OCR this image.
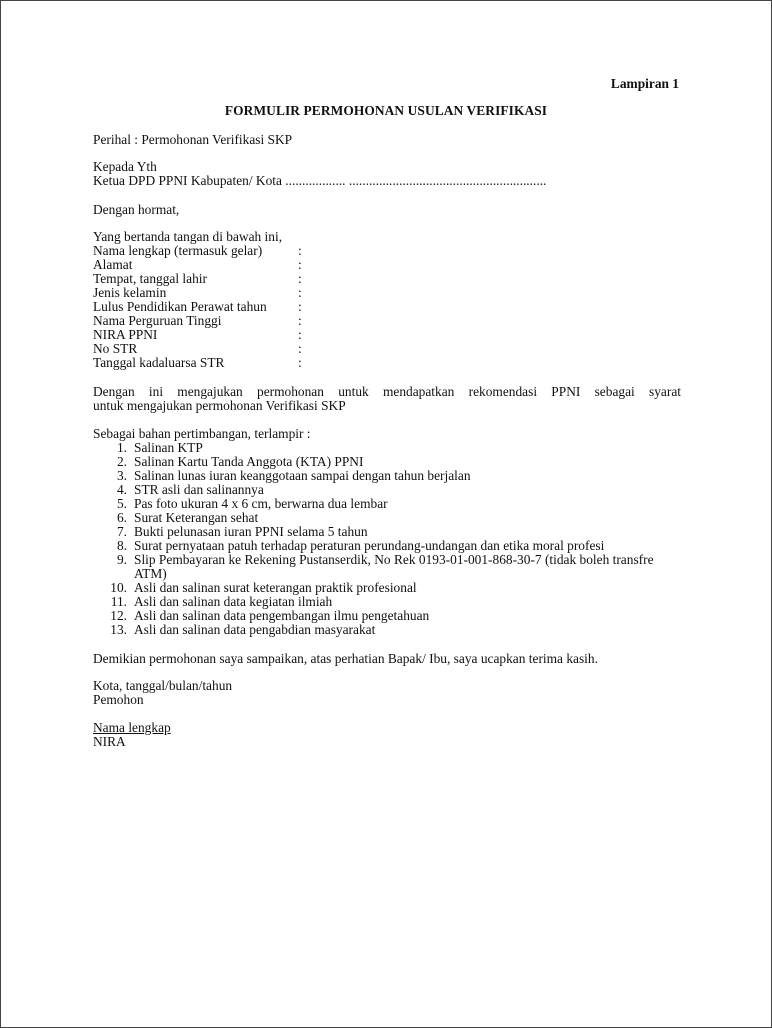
Lampiran 1
FORMULIR PERMOHONAN USULAN VERIFIKASI
Perihal : Permohonan Verifikasi SKP
Kepada Yth
Ketua DPD PPNI Kabupaten/ Kota .................. ...........................................................
Dengan hormat,
Yang bertanda tangan di bawah ini,
Nama lengkap (termasuk gelar)	:
Alamat	:
Tempat, tanggal lahir	:
Jenis kelamin	:
Lulus Pendidikan Perawat tahun	:
Nama Perguruan Tinggi	:
NIRA PPNI	:
No STR	:
Tanggal kadaluarsa STR	:
Dengan ini mengajukan permohonan untuk mendapatkan rekomendasi PPNI sebagai syarat
untuk mengajukan permohonan Verifikasi SKP
Sebagai bahan pertimbangan, terlampir :
1. Salinan KTP
2. Salinan Kartu Tanda Anggota (KTA) PPNI
3. Salinan lunas iuran keanggotaan sampai dengan tahun berjalan
4. STR asli dan salinannya
5. Pas foto ukuran 4 x 6 cm, berwarna dua lembar
6. Surat Keterangan sehat
7. Bukti pelunasan iuran PPNI selama 5 tahun
8. Surat pernyataan patuh terhadap peraturan perundang-undangan dan etika moral profesi
9. Slip Pembayaran ke Rekening Pustanserdik, No Rek 0193-01-001-868-30-7 (tidak boleh transfre ATM)
10. Asli dan salinan surat keterangan praktik profesional
11. Asli dan salinan data kegiatan ilmiah
12. Asli dan salinan data pengembangan ilmu pengetahuan
13. Asli dan salinan data pengabdian masyarakat
Demikian permohonan saya sampaikan, atas perhatian Bapak/ Ibu, saya ucapkan terima kasih.
Kota, tanggal/bulan/tahun
Pemohon
Nama lengkap
NIRA
